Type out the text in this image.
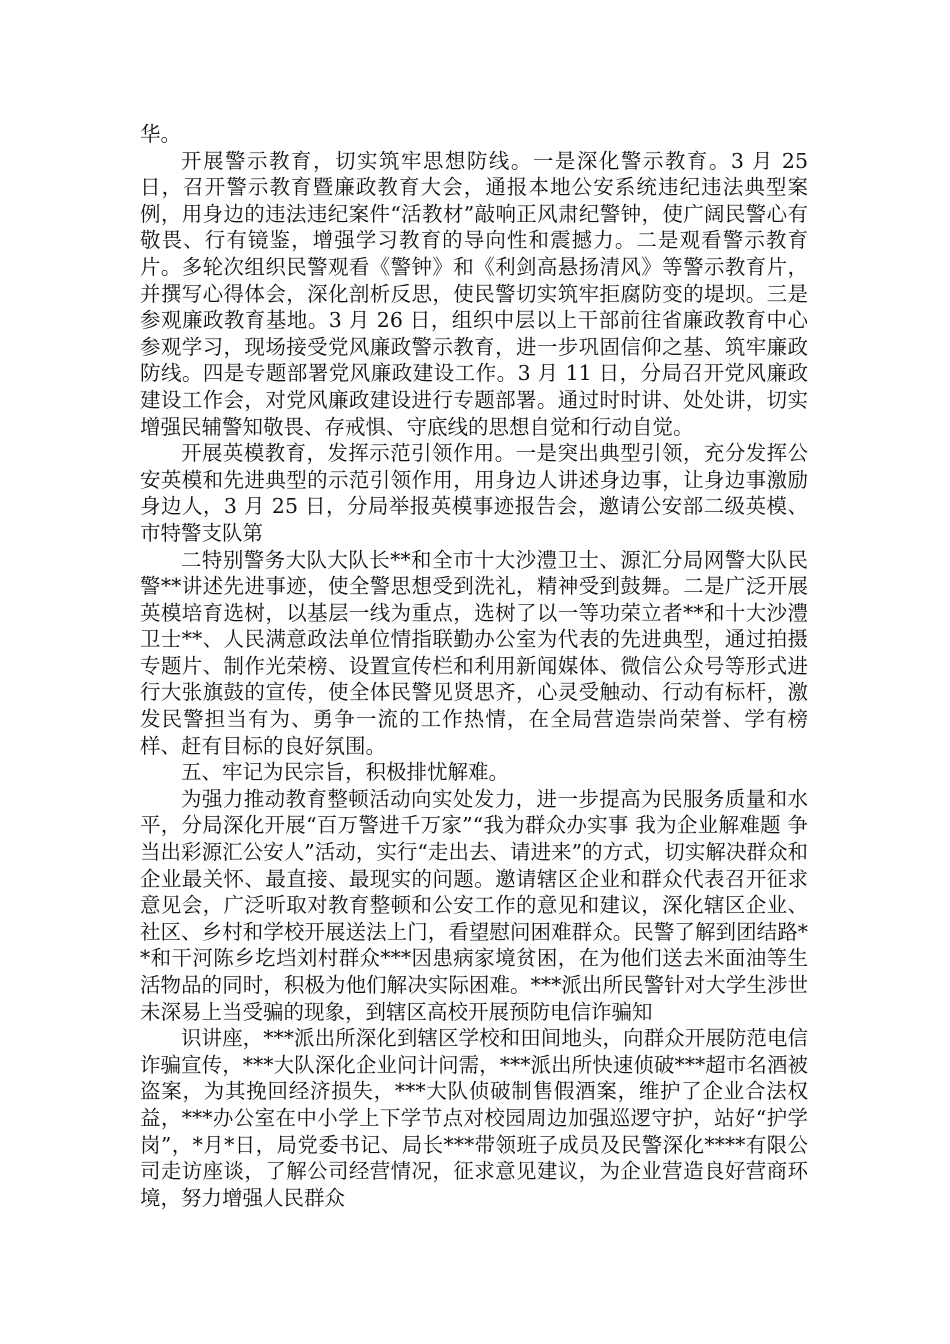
华。

开展警示教育，切实筑牢思想防线。一是深化警示教育。3 月 25 日，召开警示教育暨廉政教育大会，通报本地公安系统违纪违法典型案例，用身边的违法违纪案件“活教材”敲响正风肃纪警钟，使广阔民警心有敬畏、行有镜鉴，增强学习教育的导向性和震撼力。二是观看警示教育片。多轮次组织民警观看《警钟》和《利剑高悬扬清风》等警示教育片，并撰写心得体会，深化剖析反思，使民警切实筑牢拒腐防变的堤坝。三是参观廉政教育基地。3 月 26 日，组织中层以上干部前往省廉政教育中心参观学习，现场接受党风廉政警示教育，进一步巩固信仰之基、筑牢廉政防线。四是专题部署党风廉政建设工作。3 月 11 日，分局召开党风廉政建设工作会，对党风廉政建设进行专题部署。通过时时讲、处处讲，切实增强民辅警知敬畏、存戒惧、守底线的思想自觉和行动自觉。

开展英模教育，发挥示范引领作用。一是突出典型引领，充分发挥公安英模和先进典型的示范引领作用，用身边人讲述身边事，让身边事激励身边人，3 月 25 日，分局举报英模事迹报告会，邀请公安部二级英模、市特警支队第

二特别警务大队大队长**和全市十大沙澧卫士、源汇分局网警大队民警**讲述先进事迹，使全警思想受到洗礼，精神受到鼓舞。二是广泛开展英模培育选树，以基层一线为重点，选树了以一等功荣立者**和十大沙澧卫士**、人民满意政法单位情指联勤办公室为代表的先进典型，通过拍摄专题片、制作光荣榜、设置宣传栏和利用新闻媒体、微信公众号等形式进行大张旗鼓的宣传，使全体民警见贤思齐，心灵受触动、行动有标杆，激发民警担当有为、勇争一流的工作热情，在全局营造崇尚荣誉、学有榜样、赶有目标的良好氛围。

五、牢记为民宗旨，积极排忧解难。

为强力推动教育整顿活动向实处发力，进一步提高为民服务质量和水平，分局深化开展“百万警进千万家”“我为群众办实事 我为企业解难题 争当出彩源汇公安人”活动，实行“走出去、请进来”的方式，切实解决群众和企业最关怀、最直接、最现实的问题。邀请辖区企业和群众代表召开征求意见会，广泛听取对教育整顿和公安工作的意见和建议，深化辖区企业、社区、乡村和学校开展送法上门，看望慰问困难群众。民警了解到团结路**和干河陈乡圪垱刘村群众***因患病家境贫困，在为他们送去米面油等生活物品的同时，积极为他们解决实际困难。***派出所民警针对大学生涉世未深易上当受骗的现象，到辖区高校开展预防电信诈骗知

识讲座，***派出所深化到辖区学校和田间地头，向群众开展防范电信诈骗宣传，***大队深化企业问计问需，***派出所快速侦破***超市名酒被盗案，为其挽回经济损失，***大队侦破制售假酒案，维护了企业合法权益，***办公室在中小学上下学节点对校园周边加强巡逻守护，站好“护学岗”，*月*日，局党委书记、局长***带领班子成员及民警深化****有限公司走访座谈，了解公司经营情况，征求意见建议，为企业营造良好营商环境，努力增强人民群众
